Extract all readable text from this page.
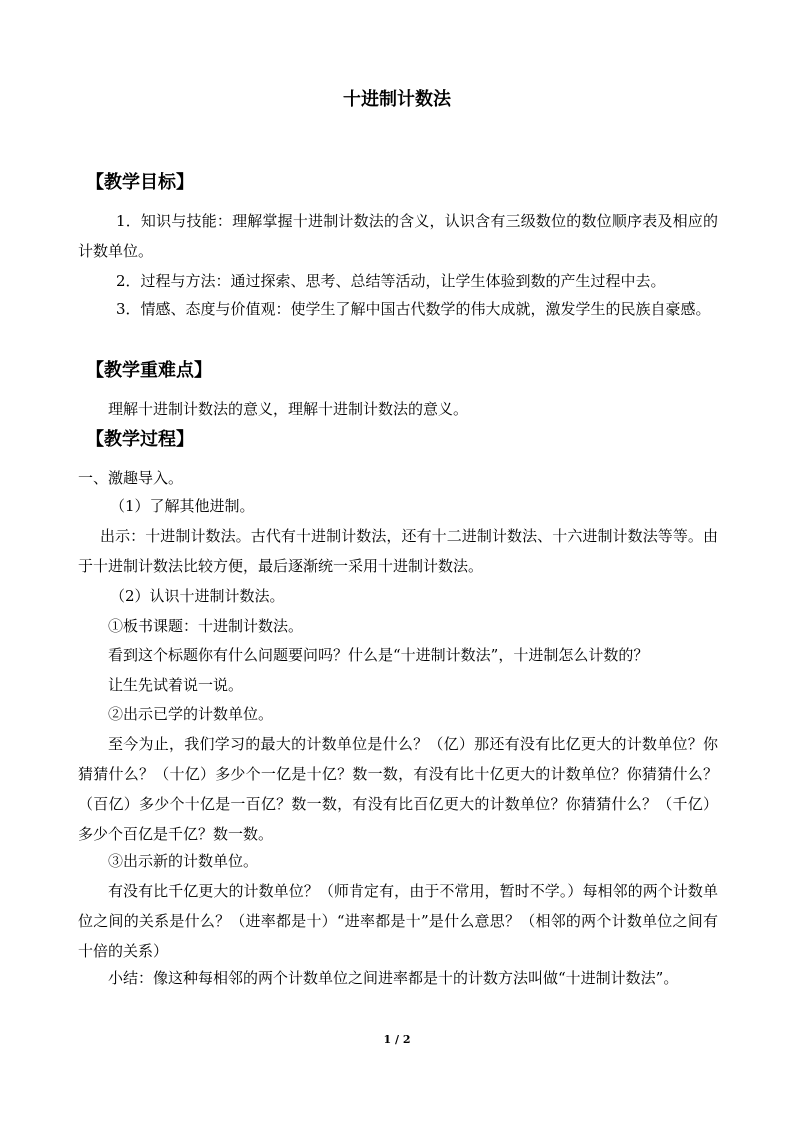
十进制计数法
【教学目标】
1．知识与技能：理解掌握十进制计数法的含义，认识含有三级数位的数位顺序表及相应的计数单位。
2．过程与方法：通过探索、思考、总结等活动，让学生体验到数的产生过程中去。
3．情感、态度与价值观：使学生了解中国古代数学的伟大成就，激发学生的民族自豪感。
【教学重难点】
理解十进制计数法的意义，理解十进制计数法的意义。
【教学过程】
一、激趣导入。
（1）了解其他进制。
出示：十进制计数法。古代有十进制计数法，还有十二进制计数法、十六进制计数法等等。由于十进制计数法比较方便，最后逐渐统一采用十进制计数法。
（2）认识十进制计数法。
①板书课题：十进制计数法。
看到这个标题你有什么问题要问吗？什么是“十进制计数法”，十进制怎么计数的？
让生先试着说一说。
②出示已学的计数单位。
至今为止，我们学习的最大的计数单位是什么？（亿）那还有没有比亿更大的计数单位？你猜猜什么？（十亿）多少个一亿是十亿？数一数，有没有比十亿更大的计数单位？你猜猜什么？（百亿）多少个十亿是一百亿？数一数，有没有比百亿更大的计数单位？你猜猜什么？（千亿）多少个百亿是千亿？数一数。
③出示新的计数单位。
有没有比千亿更大的计数单位？（师肯定有，由于不常用，暂时不学。）每相邻的两个计数单位之间的关系是什么？（进率都是十）“进率都是十”是什么意思？（相邻的两个计数单位之间有十倍的关系）
小结：像这种每相邻的两个计数单位之间进率都是十的计数方法叫做“十进制计数法”。
1 / 2
